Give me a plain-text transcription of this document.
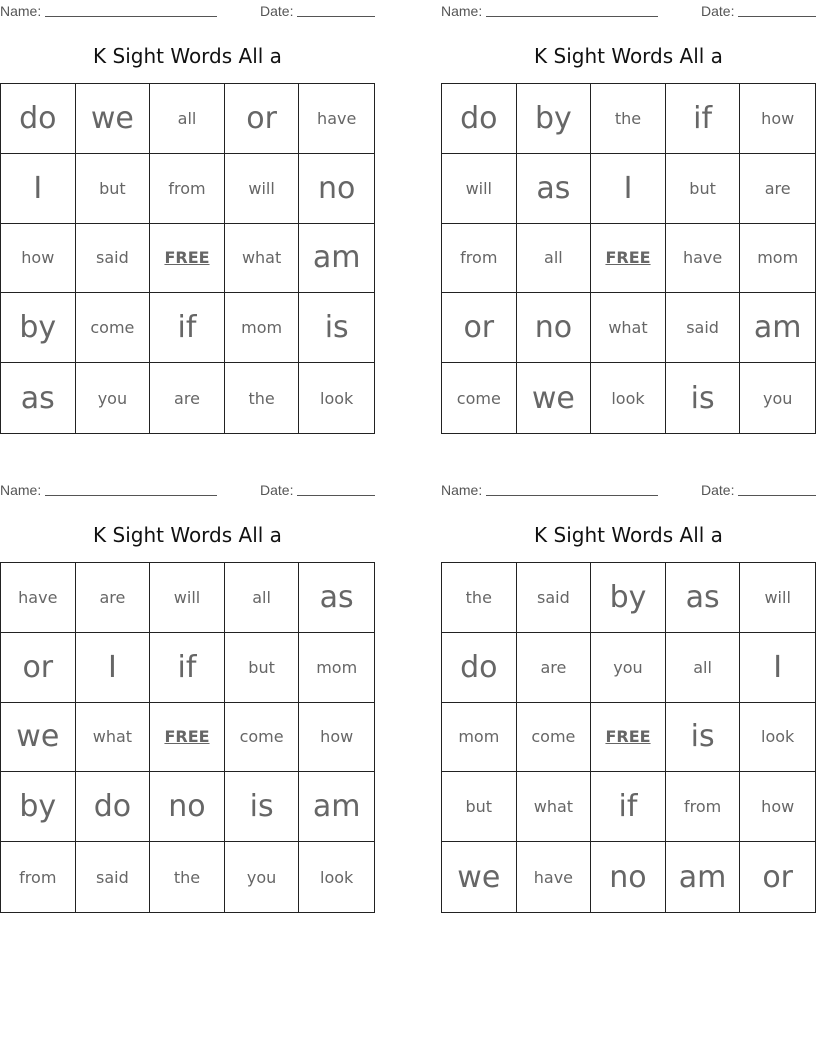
Name:	Date:
K Sight Words All a
do	we	all	or	have
I	but	from	will	no
how	said	FREE	what	am
by	come	if	mom	is
as	you	are	the	look
Name:	Date:
K Sight Words All a
do	by	the	if	how
will	as	I	but	are
from	all	FREE	have	mom
or	no	what	said	am
come	we	look	is	you
Name:	Date:
K Sight Words All a
have	are	will	all	as
or	I	if	but	mom
we	what	FREE	come	how
by	do	no	is	am
from	said	the	you	look
Name:	Date:
K Sight Words All a
the	said	by	as	will
do	are	you	all	I
mom	come	FREE	is	look
but	what	if	from	how
we	have	no	am	or
